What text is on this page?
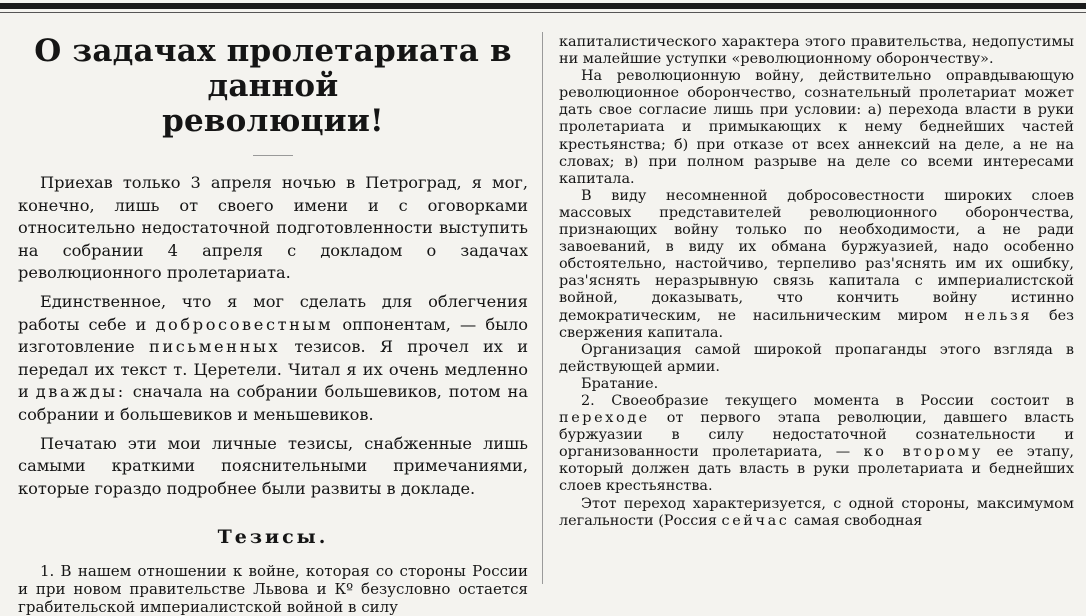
О задачах пролетариата в данной
революции!

Приехав только 3 апреля ночью в Петроград, я мог, конечно, лишь от своего имени и с оговорками относительно недостаточной подготовленности выступить на собрании 4 апреля с докладом о задачах революционного пролетариата.

Единственное, что я мог сделать для облегчения работы себе и добросовестным оппонентам, — было изготовление письменных тезисов. Я прочел их и передал их текст т. Церетели. Читал я их очень медленно и дважды: сначала на собрании большевиков, потом на собрании и большевиков и меньшевиков.

Печатаю эти мои личные тезисы, снабженные лишь самыми краткими пояснительными примечаниями, которые гораздо подробнее были развиты в докладе.

Тезисы.

1. В нашем отношении к войне, которая со стороны России и при новом правительстве Львова и Кº безусловно остается грабительской империалистской войной в силу

капиталистического характера этого правительства, недопустимы ни малейшие уступки «революционному оборончеству».

На революционную войну, действительно оправдывающую революционное оборончество, сознательный пролетариат может дать свое согласие лишь при условии: а) перехода власти в руки пролетариата и примыкающих к нему беднейших частей крестьянства; б) при отказе от всех аннексий на деле, а не на словах; в) при полном разрыве на деле со всеми интересами капитала.

В виду несомненной добросовестности широких слоев массовых представителей революционного оборончества, признающих войну только по необходимости, а не ради завоеваний, в виду их обмана буржуазией, надо особенно обстоятельно, настойчиво, терпеливо раз'яснять им их ошибку, раз'яснять неразрывную связь капитала с империалистской войной, доказывать, что кончить войну истинно демократическим, не насильническим миром нельзя без свержения капитала.

Организация самой широкой пропаганды этого взгляда в действующей армии.

Братание.

2. Своеобразие текущего момента в России состоит в переходе от первого этапа революции, давшего власть буржуазии в силу недостаточной сознательности и организованности пролетариата, — ко второму ее этапу, который должен дать власть в руки пролетариата и беднейших слоев крестьянства.

Этот переход характеризуется, с одной стороны, максимумом легальности (Россия сейчас самая свободная
